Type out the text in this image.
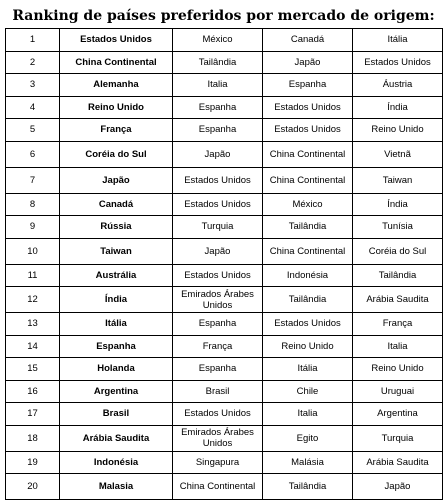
Ranking de países preferidos por mercado de origem:
1	Estados Unidos	México	Canadá	Itália
2	China Continental	Tailândia	Japão	Estados Unidos
3	Alemanha	Italia	Espanha	Áustria
4	Reino Unido	Espanha	Estados Unidos	Índia
5	França	Espanha	Estados Unidos	Reino Unido
6	Coréia do Sul	Japão	China Continental	Vietnã
7	Japão	Estados Unidos	China Continental	Taiwan
8	Canadá	Estados Unidos	México	Índia
9	Rússia	Turquia	Tailândia	Tunísia
10	Taiwan	Japão	China Continental	Coréia do Sul
11	Austrália	Estados Unidos	Indonésia	Tailândia
12	Índia	Emirados Árabes Unidos	Tailândia	Arábia Saudita
13	Itália	Espanha	Estados Unidos	França
14	Espanha	França	Reino Unido	Italia
15	Holanda	Espanha	Itália	Reino Unido
16	Argentina	Brasil	Chile	Uruguai
17	Brasil	Estados Unidos	Italia	Argentina
18	Arábia Saudita	Emirados Árabes Unidos	Egito	Turquia
19	Indonésia	Singapura	Malásia	Arábia Saudita
20	Malasia	China Continental	Tailândia	Japão
